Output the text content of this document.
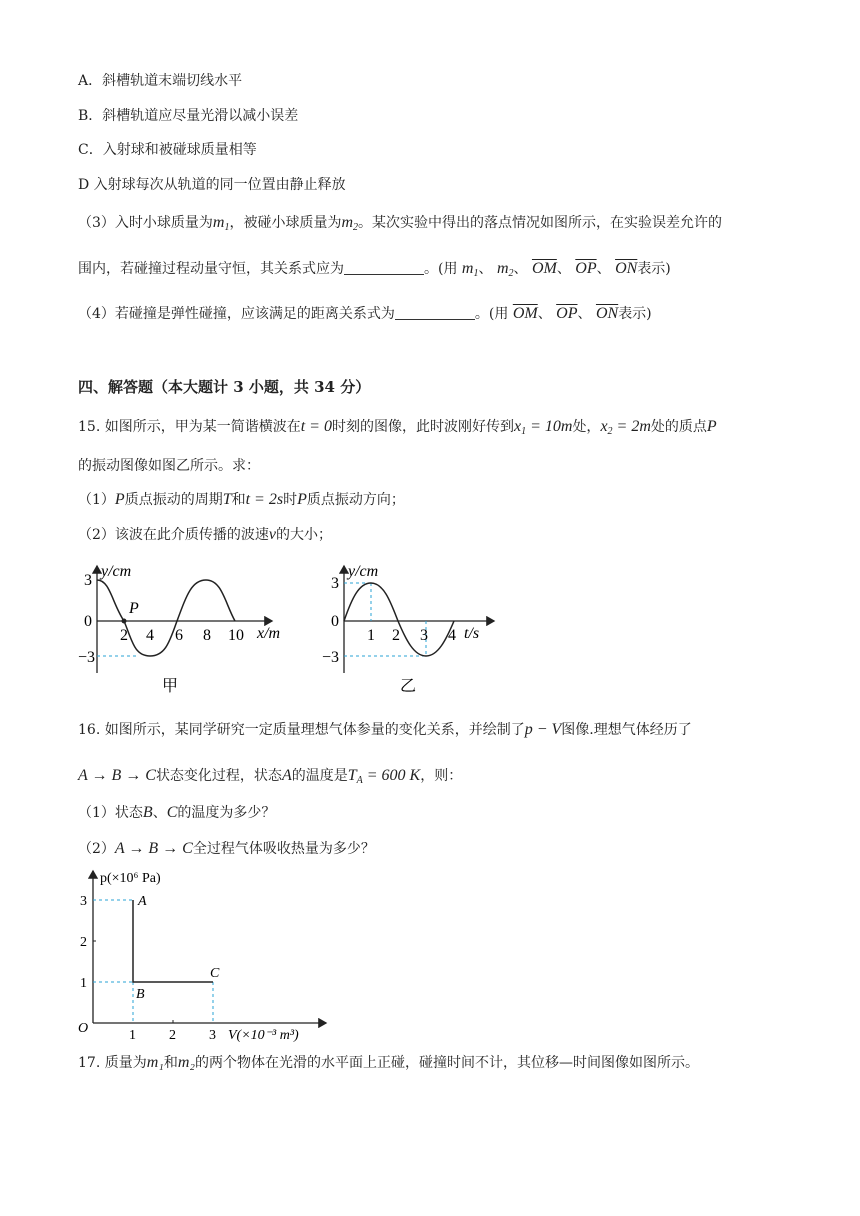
A．斜槽轨道末端切线水平
B．斜槽轨道应尽量光滑以减小误差
C．入射球和被碰球质量相等
D 入射球每次从轨道的同一位置由静止释放
（3）入时小球质量为$m_1$，被碰小球质量为$m_2$。某次实验中得出的落点情况如图所示，在实验误差允许的
围内，若碰撞过程动量守恒，其关系式应为	。(用 $m_1$、 $m_2$、 $\overline{OM}$、 $\overline{OP}$、 $\overline{ON}$表示)
（4）若碰撞是弹性碰撞，应该满足的距离关系式为	。(用 $\overline{OM}$、 $\overline{OP}$、 $\overline{ON}$表示)
四、解答题（本大题计 3 小题，共 34 分）
15. 如图所示，甲为某一简谐横波在t = 0时刻的图像，此时波刚好传到$x_1 = 10m$处，$x_2 = 2m$处的质点P
的振动图像如图乙所示。求：
（1）P质点振动的周期T和t = 2s时P质点振动方向；
（2）该波在此介质传播的波速v的大小；
y/cm
x/m
P
3
0
−3
2 4 6 8 10
甲
y/cm
t/s
3
0
−3
1 2 3 4
乙
16. 如图所示，某同学研究一定质量理想气体参量的变化关系，并绘制了p − V图像.理想气体经历了
A → B → C状态变化过程，状态A的温度是$T_A = 600$ K，则：
（1）状态B、C的温度为多少？
（2）A → B → C全过程气体吸收热量为多少？
p(×10⁶ Pa)
3
2
1
O	1 2 3 V(×10⁻³ m³)
A
B
C
17. 质量为m₁和m₂的两个物体在光滑的水平面上正碰，碰撞时间不计，其位移—时间图像如图所示。
